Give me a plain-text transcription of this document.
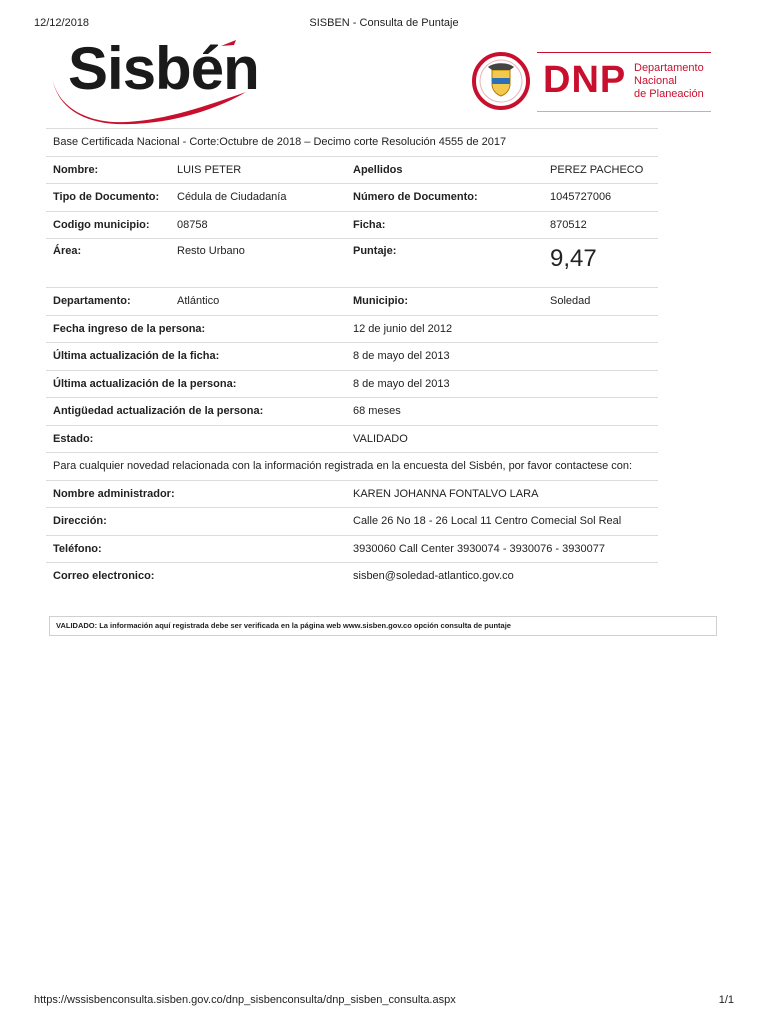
12/12/2018	SISBEN - Consulta de Puntaje
Sisbén	DNP Departamento
Nacional
de Planeación
Base Certificada Nacional - Corte:Octubre de 2018 – Decimo corte Resolución 4555 de 2017			
Nombre:	LUIS PETER	Apellidos	PEREZ PACHECO
Tipo de Documento:	Cédula de Ciudadanía	Número de Documento:	1045727006
Codigo municipio:	08758	Ficha:	870512
Área:	Resto Urbano	Puntaje:	9,47
Departamento:	Atlántico	Municipio:	Soledad
Fecha ingreso de la persona:		12 de junio del 2012	
Última actualización de la ficha:		8 de mayo del 2013	
Última actualización de la persona:		8 de mayo del 2013	
Antigüedad actualización de la persona:		68 meses	
Estado:		VALIDADO	
Para cualquier novedad relacionada con la información registrada en la encuesta del Sisbén, por favor contactese con:			
Nombre administrador:		KAREN JOHANNA FONTALVO LARA	
Dirección:		Calle 26 No 18 - 26 Local 11 Centro Comecial Sol Real	
Teléfono:		3930060 Call Center 3930074 - 3930076 - 3930077	
Correo electronico:		sisben@soledad-atlantico.gov.co	
VALIDADO: La información aquí registrada debe ser verificada en la página web www.sisben.gov.co opción consulta de puntaje
https://wssisbenconsulta.sisben.gov.co/dnp_sisbenconsulta/dnp_sisben_consulta.aspx	1/1
